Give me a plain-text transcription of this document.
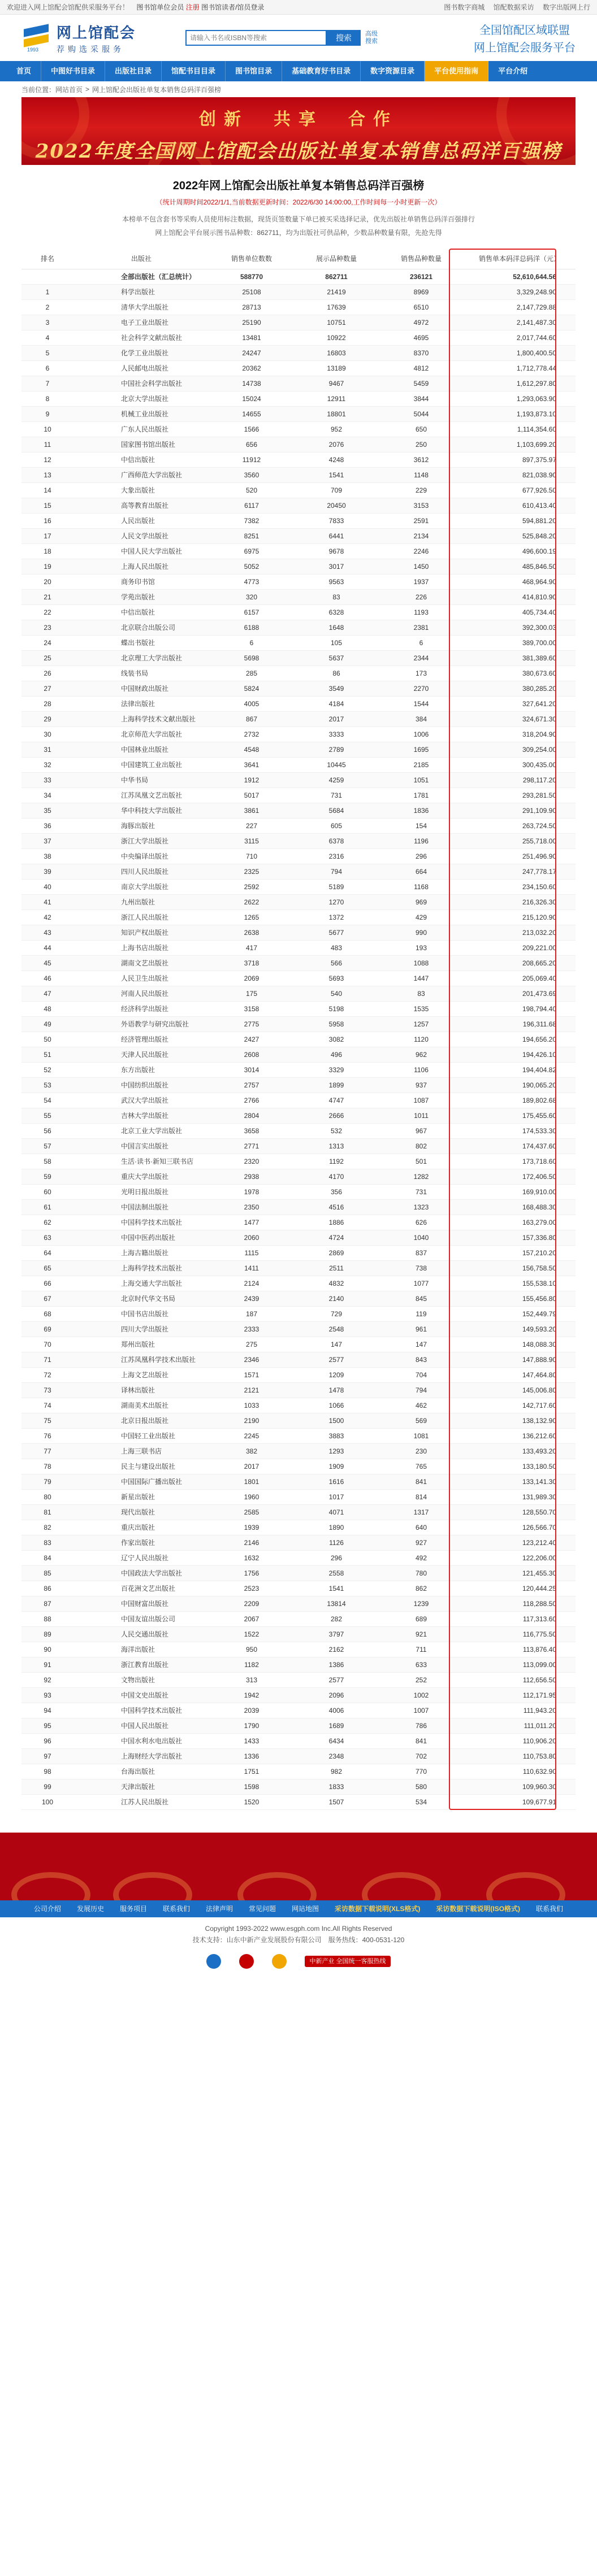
欢迎进入网上馆配会馆配供采服务平台！ 图书馆单位会员 注册 图书馆读者/馆员登录	图书数字商城 馆配数据采访 数字出版网上行
1993
网上馆配会
荐购选采服务
请输入书名或ISBN等搜索
搜索	高级搜索
全国馆配区域联盟
网上馆配会服务平台
首页	中图好书目录	出版社目录	馆配书目目录	图书馆目录	基础教育好书目录	数字资源目录	平台使用指南	平台介绍
当前位置： 网站首页 > 网上馆配会出版社单复本销售总码洋百强榜
创新　共享　合作
2022年度全国网上馆配会出版社单复本销售总码洋百强榜
2022年网上馆配会出版社单复本销售总码洋百强榜
（统计周期时间2022/1/1,当前数据更新时间：2022/6/30 14:00:00,工作时间每一小时更新一次）

本榜单不包含套书等采购人员使用标注数据，现货页签数量下单已被买采选择记录，优先出版社单销售总码洋百强排行

网上馆配会平台展示图书品种数：862711，均为出版社可供品种，少数品种数量有限，先抢先得

排名	出版社	销售单位数数	展示品种数量	销售品种数量	销售单本码洋总码洋（元）
	全部出版社（汇总统计）	588770	862711	236121	52,610,644.56
1	科学出版社	25108	21419	8969	3,329,248.90
2	清华大学出版社	28713	17639	6510	2,147,729.88
3	电子工业出版社	25190	10751	4972	2,141,487.30
4	社会科学文献出版社	13481	10922	4695	2,017,744.60
5	化学工业出版社	24247	16803	8370	1,800,400.50
6	人民邮电出版社	20362	13189	4812	1,712,778.44
7	中国社会科学出版社	14738	9467	5459	1,612,297.80
8	北京大学出版社	15024	12911	3844	1,293,063.90
9	机械工业出版社	14655	18801	5044	1,193,873.10
10	广东人民出版社	1566	952	650	1,114,354.60
11	国家图书馆出版社	656	2076	250	1,103,699.20
12	中信出版社	11912	4248	3612	897,375.97
13	广西师范大学出版社	3560	1541	1148	821,038.90
14	大象出版社	520	709	229	677,926.50
15	高等教育出版社	6117	20450	3153	610,413.40
16	人民出版社	7382	7833	2591	594,881.20
17	人民文学出版社	8251	6441	2134	525,848.20
18	中国人民大学出版社	6975	9678	2246	496,600.19
19	上海人民出版社	5052	3017	1450	485,846.50
20	商务印书馆	4773	9563	1937	468,964.90
21	学苑出版社	320	83	226	414,810.90
22	中信出版社	6157	6328	1193	405,734.40
23	北京联合出版公司	6188	1648	2381	392,300.03
24	蝶出书版社	6	105	6	389,700.00
25	北京理工大学出版社	5698	5637	2344	381,389.60
26	线装书局	285	86	173	380,673.60
27	中国财政出版社	5824	3549	2270	380,285.20
28	法律出版社	4005	4184	1544	327,641.20
29	上海科学技术文献出版社	867	2017	384	324,671.30
30	北京师范大学出版社	2732	3333	1006	318,204.90
31	中国林业出版社	4548	2789	1695	309,254.00
32	中国建筑工业出版社	3641	10445	2185	300,435.00
33	中华书局	1912	4259	1051	298,117.20
34	江苏凤凰文艺出版社	5017	731	1781	293,281.50
35	华中科技大学出版社	3861	5684	1836	291,109.90
36	海豚出版社	227	605	154	263,724.50
37	浙江大学出版社	3115	6378	1196	255,718.00
38	中央编译出版社	710	2316	296	251,496.90
39	四川人民出版社	2325	794	664	247,778.17
40	南京大学出版社	2592	5189	1168	234,150.60
41	九州出版社	2622	1270	969	216,326.30
42	浙江人民出版社	1265	1372	429	215,120.90
43	知识产权出版社	2638	5677	990	213,032.20
44	上海书店出版社	417	483	193	209,221.00
45	湖南文艺出版社	3718	566	1088	208,665.20
46	人民卫生出版社	2069	5693	1447	205,069.40
47	河南人民出版社	175	540	83	201,473.69
48	经济科学出版社	3158	5198	1535	198,794.40
49	外语教学与研究出版社	2775	5958	1257	196,311.68
50	经济管理出版社	2427	3082	1120	194,656.20
51	天津人民出版社	2608	496	962	194,426.10
52	东方出版社	3014	3329	1106	194,404.82
53	中国纺织出版社	2757	1899	937	190,065.20
54	武汉大学出版社	2766	4747	1087	189,802.68
55	吉林大学出版社	2804	2666	1011	175,455.60
56	北京工业大学出版社	3658	532	967	174,533.30
57	中国言实出版社	2771	1313	802	174,437.60
58	生活·读书·新知三联书店	2320	1192	501	173,718.60
59	重庆大学出版社	2938	4170	1282	172,406.50
60	光明日报出版社	1978	356	731	169,910.00
61	中国法制出版社	2350	4516	1323	168,488.30
62	中国科学技术出版社	1477	1886	626	163,279.00
63	中国中医药出版社	2060	4724	1040	157,336.80
64	上海古籍出版社	1115	2869	837	157,210.20
65	上海科学技术出版社	1411	2511	738	156,758.50
66	上海交通大学出版社	2124	4832	1077	155,538.10
67	北京时代华文书局	2439	2140	845	155,456.80
68	中国书店出版社	187	729	119	152,449.79
69	四川大学出版社	2333	2548	961	149,593.20
70	郑州出版社	275	147	147	148,088.30
71	江苏凤凰科学技术出版社	2346	2577	843	147,888.90
72	上海文艺出版社	1571	1209	704	147,464.80
73	译林出版社	2121	1478	794	145,006.80
74	湖南美术出版社	1033	1066	462	142,717.60
75	北京日报出版社	2190	1500	569	138,132.90
76	中国轻工业出版社	2245	3883	1081	136,212.60
77	上海三联书店	382	1293	230	133,493.20
78	民主与建设出版社	2017	1909	765	133,180.50
79	中国国际广播出版社	1801	1616	841	133,141.30
80	新星出版社	1960	1017	814	131,989.30
81	现代出版社	2585	4071	1317	128,550.70
82	重庆出版社	1939	1890	640	126,566.70
83	作家出版社	2146	1126	927	123,212.40
84	辽宁人民出版社	1632	296	492	122,206.00
85	中国政法大学出版社	1756	2558	780	121,455.30
86	百花洲文艺出版社	2523	1541	862	120,444.25
87	中国财富出版社	2209	13814	1239	118,288.50
88	中国友谊出版公司	2067	282	689	117,313.60
89	人民交通出版社	1522	3797	921	116,775.50
90	海洋出版社	950	2162	711	113,876.40
91	浙江教育出版社	1182	1386	633	113,099.00
92	文物出版社	313	2577	252	112,656.50
93	中国文史出版社	1942	2096	1002	112,171.95
94	中国科学技术出版社	2039	4006	1007	111,943.20
95	中国人民出版社	1790	1689	786	111,011.20
96	中国水利水电出版社	1433	6434	841	110,906.20
97	上海财经大学出版社	1336	2348	702	110,753.80
98	台海出版社	1751	982	770	110,632.90
99	天津出版社	1598	1833	580	109,960.30
100	江苏人民出版社	1520	1507	534	109,677.91
公司介绍	发展历史	服务项目	联系我们	法律声明	常见问题	网站地图	采访数据下载说明(XLS格式)	采访数据下载说明(ISO格式)	联系我们

Copyright 1993-2022 www.esgph.com Inc.All Rights Reserved

技术支持：山东中新产业发展股份有限公司　服务热线：400-0531-120

中新产业 全国统一客服热线
